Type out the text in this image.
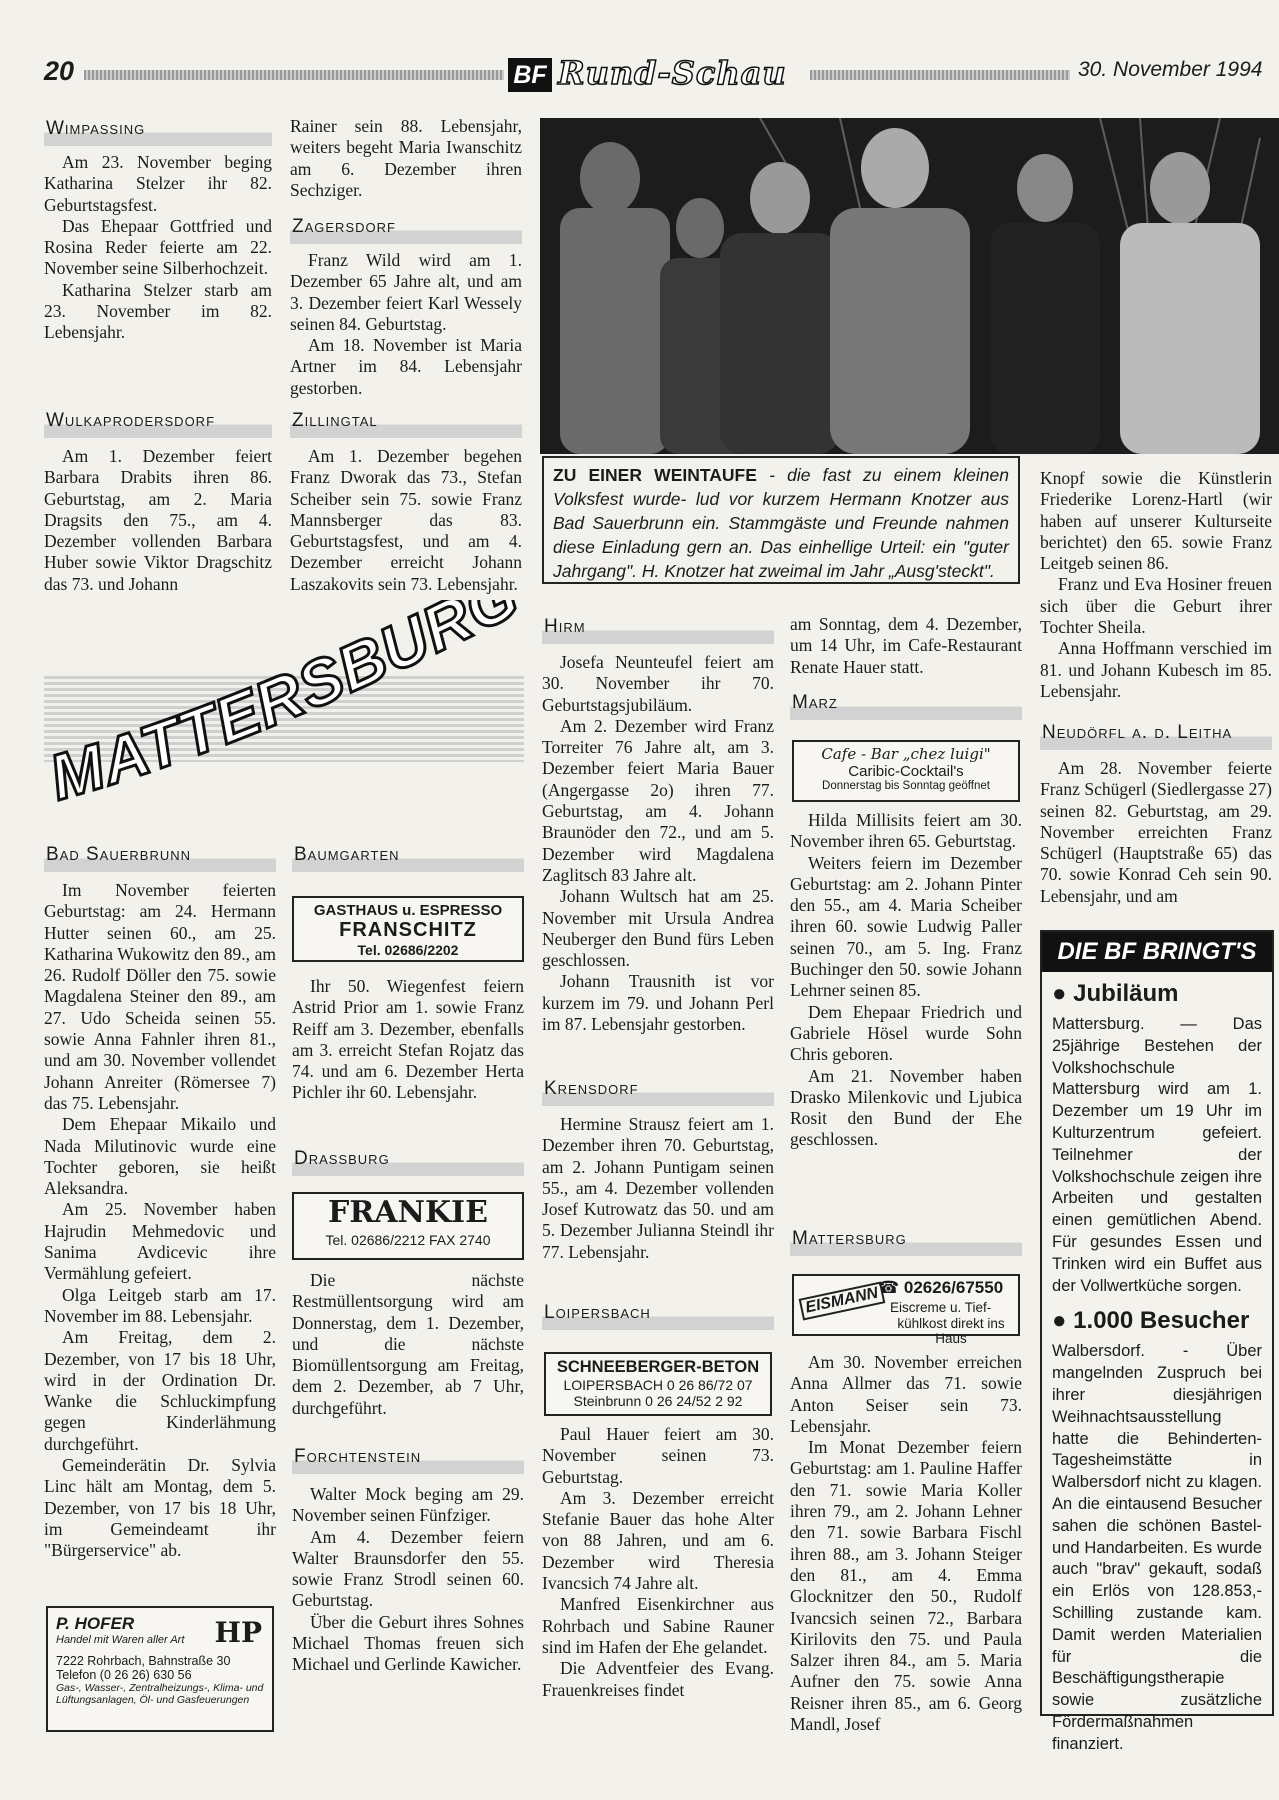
20	BF Rund-Schau	30. November 1994
Wimpassing

Am 23. November beging Katharina Stelzer ihr 82. Geburtstagsfest.

Das Ehepaar Gottfried und Rosina Reder feierte am 22. November seine Silberhochzeit.

Katharina Stelzer starb am 23. November im 82. Lebensjahr.

Wulkaprodersdorf

Am 1. Dezember feiert Barbara Drabits ihren 86. Geburtstag, am 2. Maria Dragsits den 75., am 4. Dezember vollenden Barbara Huber sowie Viktor Dragschitz das 73. und Johann

Rainer sein 88. Lebensjahr, weiters begeht Maria Iwanschitz am 6. Dezember ihren Sechziger.

Zagersdorf

Franz Wild wird am 1. Dezember 65 Jahre alt, und am 3. Dezember feiert Karl Wessely seinen 84. Geburtstag.

Am 18. November ist Maria Artner im 84. Lebensjahr gestorben.

Zillingtal

Am 1. Dezember begehen Franz Dworak das 73., Stefan Scheiber sein 75. sowie Franz Mannsberger das 83. Geburtstagsfest, und am 4. Dezember erreicht Johann Laszakovits sein 73. Lebensjahr.

ZU EINER WEINTAUFE - die fast zu einem kleinen Volksfest wurde- lud vor kurzem Hermann Knotzer aus Bad Sauerbrunn ein. Stammgäste und Freunde nahmen diese Einladung gern an. Das einhellige Urteil: ein "guter Jahrgang". H. Knotzer hat zweimal im Jahr „Ausg'steckt".

Knopf sowie die Künstlerin Friederike Lorenz-Hartl (wir haben auf unserer Kulturseite berichtet) den 65. sowie Franz Leitgeb seinen 86.

Franz und Eva Hosiner freuen sich über die Geburt ihrer Tochter Sheila.

Anna Hoffmann verschied im 81. und Johann Kubesch im 85. Lebensjahr.

Neudörfl a. d. Leitha

Am 28. November feierte Franz Schügerl (Siedlergasse 27) seinen 82. Geburtstag, am 29. November erreichten Franz Schügerl (Hauptstraße 65) das 70. sowie Konrad Ceh sein 90. Lebensjahr, und am

DIE BF BRINGT'S
● Jubiläum
Mattersburg. — Das 25jährige Bestehen der Volkshochschule Mattersburg wird am 1. Dezember um 19 Uhr im Kulturzentrum gefeiert. Teilnehmer der Volkshochschule zeigen ihre Arbeiten und gestalten einen gemütlichen Abend. Für gesundes Essen und Trinken wird ein Buffet aus der Vollwertküche sorgen.
● 1.000 Besucher
Walbersdorf. - Über mangelnden Zuspruch bei ihrer diesjährigen Weihnachtsausstellung hatte die Behinderten-Tagesheimstätte in Walbersdorf nicht zu klagen. An die eintausend Besucher sahen die schönen Bastel- und Handarbeiten. Es wurde auch "brav" gekauft, sodaß ein Erlös von 128.853,- Schilling zustande kam. Damit werden Materialien für die Beschäftigungstherapie sowie zusätzliche Fördermaßnahmen finanziert.
MATTERSBURG
Bad Sauerbrunn

Im November feierten Geburtstag: am 24. Hermann Hutter seinen 60., am 25. Katharina Wukowitz den 89., am 26. Rudolf Döller den 75. sowie Magdalena Steiner den 89., am 27. Udo Scheida seinen 55. sowie Anna Fahnler ihren 81., und am 30. November vollendet Johann Anreiter (Römersee 7) das 75. Lebensjahr.

Dem Ehepaar Mikailo und Nada Milutinovic wurde eine Tochter geboren, sie heißt Aleksandra.

Am 25. November haben Hajrudin Mehmedovic und Sanima Avdicevic ihre Vermählung gefeiert.

Olga Leitgeb starb am 17. November im 88. Lebensjahr.

Am Freitag, dem 2. Dezember, von 17 bis 18 Uhr, wird in der Ordination Dr. Wanke die Schluckimpfung gegen Kinderlähmung durchgeführt.

Gemeinderätin Dr. Sylvia Linc hält am Montag, dem 5. Dezember, von 17 bis 18 Uhr, im Gemeindeamt ihr "Bürgerservice" ab.

HP
P. HOFER
Handel mit Waren aller Art
7222 Rohrbach, Bahnstraße 30
Telefon (0 26 26) 630 56
Gas-, Wasser-, Zentralheizungs-, Klima- und Lüftungsanlagen, Öl- und Gasfeuerungen
Baumgarten
GASTHAUS u. ESPRESSO
FRANSCHITZ
Tel. 02686/2202

Ihr 50. Wiegenfest feiern Astrid Prior am 1. sowie Franz Reiff am 3. Dezember, ebenfalls am 3. erreicht Stefan Rojatz das 74. und am 6. Dezember Herta Pichler ihr 60. Lebensjahr.

Drassburg
FRANKIE
Tel. 02686/2212 FAX 2740

Die nächste Restmüllentsorgung wird am Donnerstag, dem 1. Dezember, und die nächste Biomüllentsorgung am Freitag, dem 2. Dezember, ab 7 Uhr, durchgeführt.

Forchtenstein

Walter Mock beging am 29. November seinen Fünfziger.

Am 4. Dezember feiern Walter Braunsdorfer den 55. sowie Franz Strodl seinen 60. Geburtstag.

Über die Geburt ihres Sohnes Michael Thomas freuen sich Michael und Gerlinde Kawicher.

Hirm

Josefa Neunteufel feiert am 30. November ihr 70. Geburtstagsjubiläum.

Am 2. Dezember wird Franz Torreiter 76 Jahre alt, am 3. Dezember feiert Maria Bauer (Angergasse 2o) ihren 77. Geburtstag, am 4. Johann Braunöder den 72., und am 5. Dezember wird Magdalena Zaglitsch 83 Jahre alt.

Johann Wultsch hat am 25. November mit Ursula Andrea Neuberger den Bund fürs Leben geschlossen.

Johann Trausnith ist vor kurzem im 79. und Johann Perl im 87. Lebensjahr gestorben.

Krensdorf

Hermine Strausz feiert am 1. Dezember ihren 70. Geburtstag, am 2. Johann Puntigam seinen 55., am 4. Dezember vollenden Josef Kutrowatz das 50. und am 5. Dezember Julianna Steindl ihr 77. Lebensjahr.

Loipersbach
SCHNEEBERGER-BETON
LOIPERSBACH 0 26 86/72 07
Steinbrunn 0 26 24/52 2 92

Paul Hauer feiert am 30. November seinen 73. Geburtstag.

Am 3. Dezember erreicht Stefanie Bauer das hohe Alter von 88 Jahren, und am 6. Dezember wird Theresia Ivancsich 74 Jahre alt.

Manfred Eisenkirchner aus Rohrbach und Sabine Rauner sind im Hafen der Ehe gelandet.

Die Adventfeier des Evang. Frauenkreises findet

am Sonntag, dem 4. Dezember, um 14 Uhr, im Cafe-Restaurant Renate Hauer statt.

Marz
Cafe - Bar „chez luigi"
Caribic-Cocktail's
Donnerstag bis Sonntag geöffnet

Hilda Millisits feiert am 30. November ihren 65. Geburtstag.

Weiters feiern im Dezember Geburtstag: am 2. Johann Pinter den 55., am 4. Maria Scheiber ihren 60. sowie Ludwig Paller seinen 70., am 5. Ing. Franz Buchinger den 50. sowie Johann Lehrner seinen 85.

Dem Ehepaar Friedrich und Gabriele Hösel wurde Sohn Chris geboren.

Am 21. November haben Drasko Milenkovic und Ljubica Rosit den Bund der Ehe geschlossen.

Mattersburg
EISMANN
☎ 02626/67550
Eiscreme u. Tief-
kühlkost direkt ins Haus

Am 30. November erreichen Anna Allmer das 71. sowie Anton Seiser sein 73. Lebensjahr.

Im Monat Dezember feiern Geburtstag: am 1. Pauline Haffer den 71. sowie Maria Koller ihren 79., am 2. Johann Lehner den 71. sowie Barbara Fischl ihren 88., am 3. Johann Steiger den 81., am 4. Emma Glocknitzer den 50., Rudolf Ivancsich seinen 72., Barbara Kirilovits den 75. und Paula Salzer ihren 84., am 5. Maria Aufner den 75. sowie Anna Reisner ihren 85., am 6. Georg Mandl, Josef
